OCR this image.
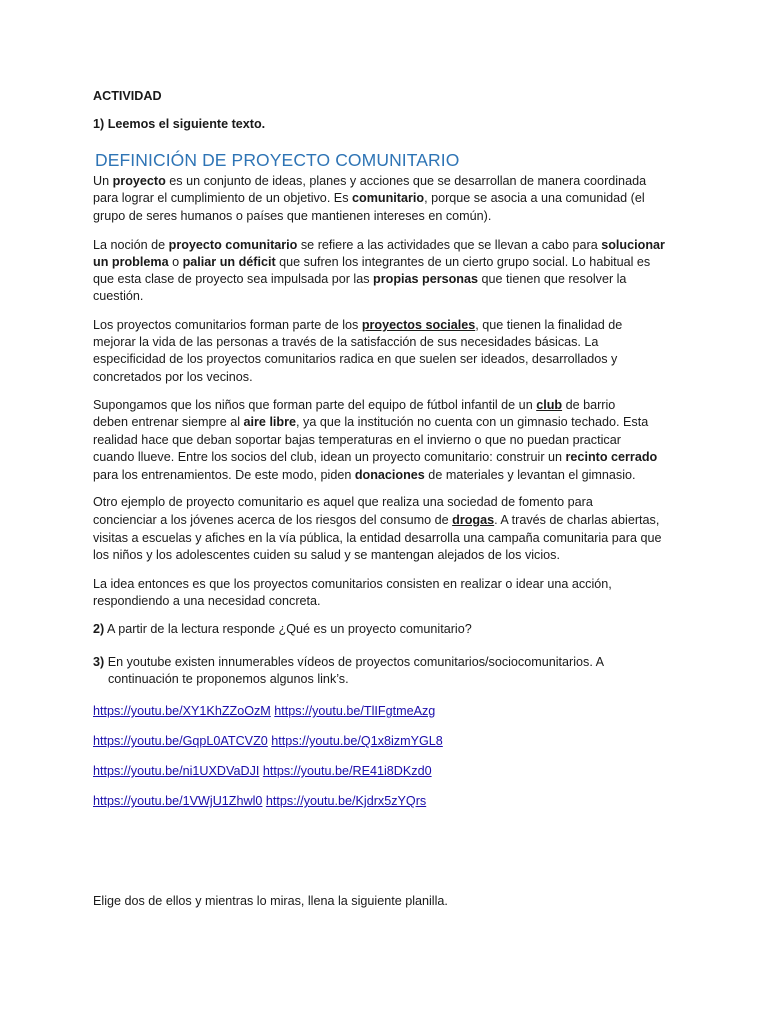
ACTIVIDAD
1) Leemos el siguiente texto.
DEFINICIÓN DE PROYECTO COMUNITARIO
Un proyecto es un conjunto de ideas, planes y acciones que se desarrollan de manera coordinada
para lograr el cumplimiento de un objetivo. Es comunitario, porque se asocia a una comunidad (el
grupo de seres humanos o países que mantienen intereses en común).
La noción de proyecto comunitario se refiere a las actividades que se llevan a cabo para solucionar
un problema o paliar un déficit que sufren los integrantes de un cierto grupo social. Lo habitual es
que esta clase de proyecto sea impulsada por las propias personas que tienen que resolver la
cuestión.
Los proyectos comunitarios forman parte de los proyectos sociales, que tienen la finalidad de
mejorar la vida de las personas a través de la satisfacción de sus necesidades básicas. La
especificidad de los proyectos comunitarios radica en que suelen ser ideados, desarrollados y
concretados por los vecinos.
Supongamos que los niños que forman parte del equipo de fútbol infantil de un club de barrio
deben entrenar siempre al aire libre, ya que la institución no cuenta con un gimnasio techado. Esta
realidad hace que deban soportar bajas temperaturas en el invierno o que no puedan practicar
cuando llueve. Entre los socios del club, idean un proyecto comunitario: construir un recinto cerrado
para los entrenamientos. De este modo, piden donaciones de materiales y levantan el gimnasio.
Otro ejemplo de proyecto comunitario es aquel que realiza una sociedad de fomento para
concienciar a los jóvenes acerca de los riesgos del consumo de drogas. A través de charlas abiertas,
visitas a escuelas y afiches en la vía pública, la entidad desarrolla una campaña comunitaria para que
los niños y los adolescentes cuiden su salud y se mantengan alejados de los vicios.
La idea entonces es que los proyectos comunitarios consisten en realizar o idear una acción,
respondiendo a una necesidad concreta.
2) A partir de la lectura responde ¿Qué es un proyecto comunitario?
3) En youtube existen innumerables vídeos de proyectos comunitarios/sociocomunitarios. A
continuación te proponemos algunos link’s.
https://youtu.be/XY1KhZZoOzM https://youtu.be/TlIFgtmeAzg
https://youtu.be/GqpL0ATCVZ0 https://youtu.be/Q1x8izmYGL8
https://youtu.be/ni1UXDVaDJI https://youtu.be/RE41i8DKzd0
https://youtu.be/1VWjU1Zhwl0 https://youtu.be/Kjdrx5zYQrs
Elige dos de ellos y mientras lo miras, llena la siguiente planilla.
